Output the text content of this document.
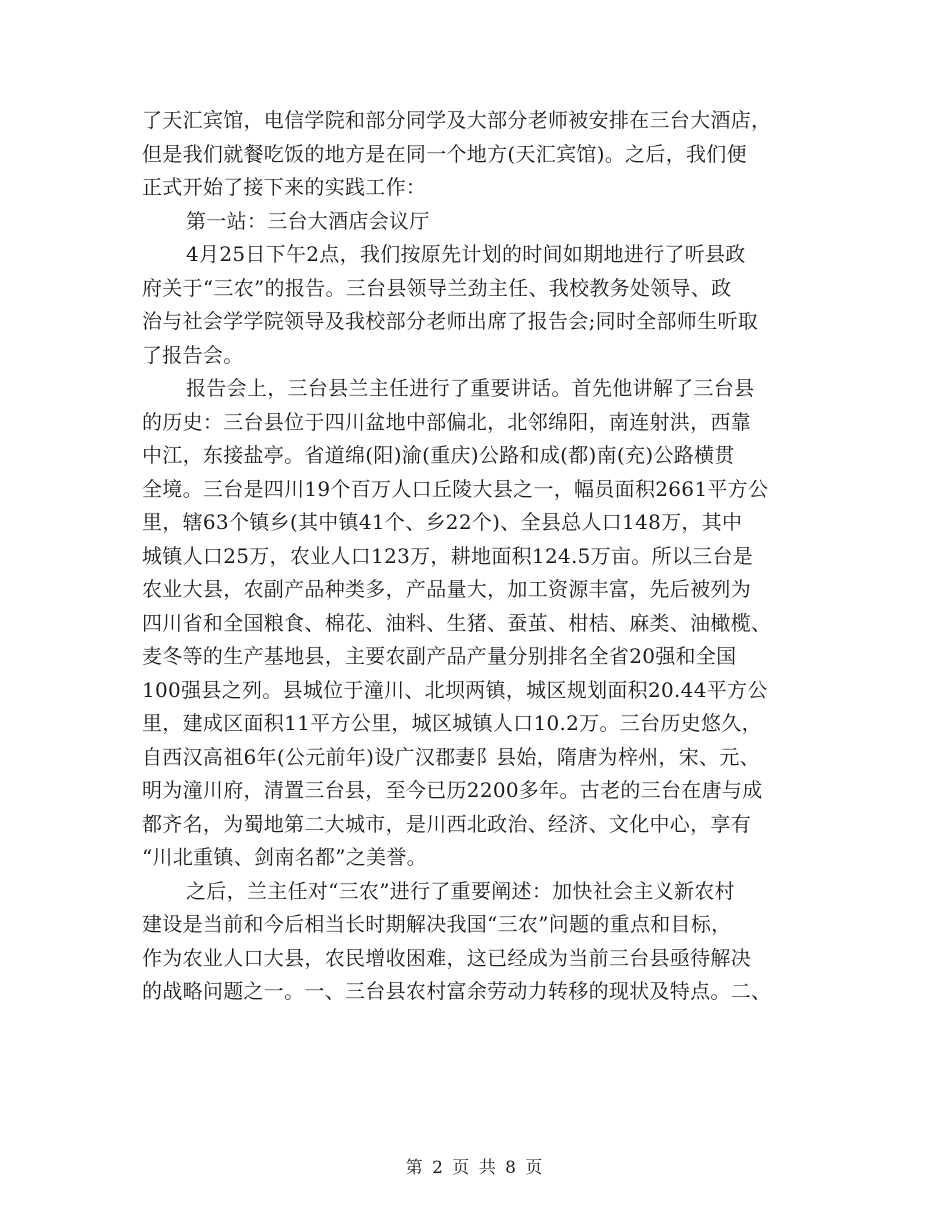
了天汇宾馆，电信学院和部分同学及大部分老师被安排在三台大酒店，
但是我们就餐吃饭的地方是在同一个地方(天汇宾馆)。之后，我们便
正式开始了接下来的实践工作：
第一站：三台大酒店会议厅
4月25日下午2点，我们按原先计划的时间如期地进行了听县政
府关于“三农”的报告。三台县领导兰劲主任、我校教务处领导、政
治与社会学学院领导及我校部分老师出席了报告会;同时全部师生听取
了报告会。
报告会上，三台县兰主任进行了重要讲话。首先他讲解了三台县
的历史：三台县位于四川盆地中部偏北，北邻绵阳，南连射洪，西靠
中江，东接盐亭。省道绵(阳)渝(重庆)公路和成(都)南(充)公路横贯
全境。三台是四川19个百万人口丘陵大县之一，幅员面积2661平方公
里，辖63个镇乡(其中镇41个、乡22个)、全县总人口148万，其中
城镇人口25万，农业人口123万，耕地面积124.5万亩。所以三台是
农业大县，农副产品种类多，产品量大，加工资源丰富，先后被列为
四川省和全国粮食、棉花、油料、生猪、蚕茧、柑桔、麻类、油橄榄、
麦冬等的生产基地县，主要农副产品产量分别排名全省20强和全国
100强县之列。县城位于潼川、北坝两镇，城区规划面积20.44平方公
里，建成区面积11平方公里，城区城镇人口10.2万。三台历史悠久，
自西汉高祖6年(公元前年)设广汉郡妻阝县始，隋唐为梓州，宋、元、
明为潼川府，清置三台县，至今已历2200多年。古老的三台在唐与成
都齐名，为蜀地第二大城市，是川西北政治、经济、文化中心，享有
“川北重镇、剑南名都”之美誉。
之后，兰主任对“三农”进行了重要阐述：加快社会主义新农村
建设是当前和今后相当长时期解决我国“三农”问题的重点和目标，
作为农业人口大县，农民增收困难，这已经成为当前三台县亟待解决
的战略问题之一。一、三台县农村富余劳动力转移的现状及特点。二、
第 2 页 共 8 页
